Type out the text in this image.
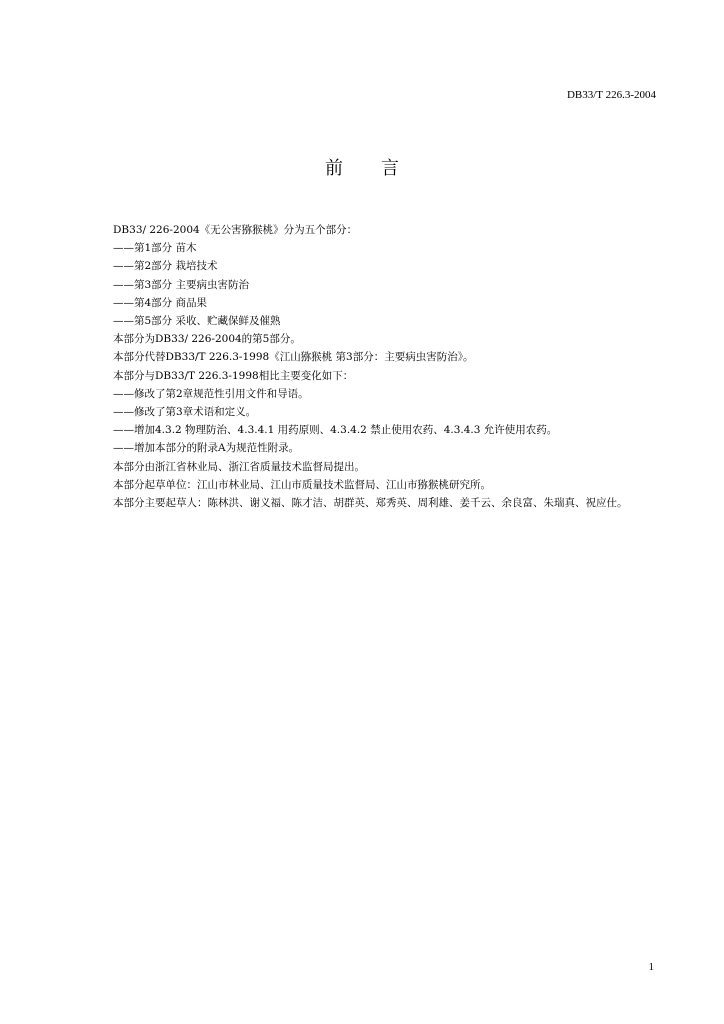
DB33/T 226.3-2004
前言

DB33/ 226-2004《无公害猕猴桃》分为五个部分：

——第1部分 苗木

——第2部分 栽培技术

——第3部分 主要病虫害防治

——第4部分 商品果

——第5部分 采收、贮藏保鲜及催熟

本部分为DB33/ 226-2004的第5部分。

本部分代替DB33/T 226.3-1998《江山猕猴桃 第3部分：主要病虫害防治》。

本部分与DB33/T 226.3-1998相比主要变化如下：

——修改了第2章规范性引用文件和导语。

——修改了第3章术语和定义。

——增加4.3.2 物理防治、4.3.4.1 用药原则、4.3.4.2 禁止使用农药、4.3.4.3 允许使用农药。

——增加本部分的附录A为规范性附录。

本部分由浙江省林业局、浙江省质量技术监督局提出。

本部分起草单位：江山市林业局、江山市质量技术监督局、江山市猕猴桃研究所。

本部分主要起草人：陈林洪、谢义福、陈才洁、胡群英、郑秀英、周利雄、姜千云、余良富、朱瑞真、祝应仕。

1
